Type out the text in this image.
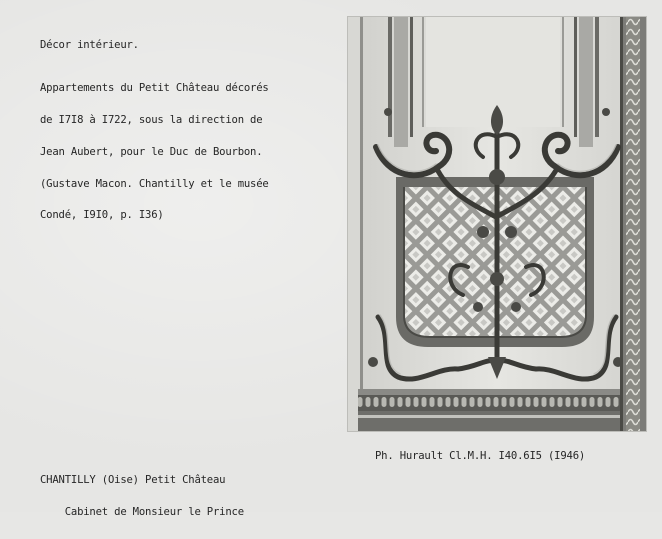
Décor intérieur.

Appartements du Petit Château décorés

de I7I8 à I722, sous la direction de

Jean Aubert, pour le Duc de Bourbon.

(Gustave Macon. Chantilly et le musée

Condé, I9I0, p. I36)

CHANTILLY (Oise) Petit Château

Cabinet de Monsieur le Prince

Ph. Hurault Cl.M.H. I40.6I5 (I946)
